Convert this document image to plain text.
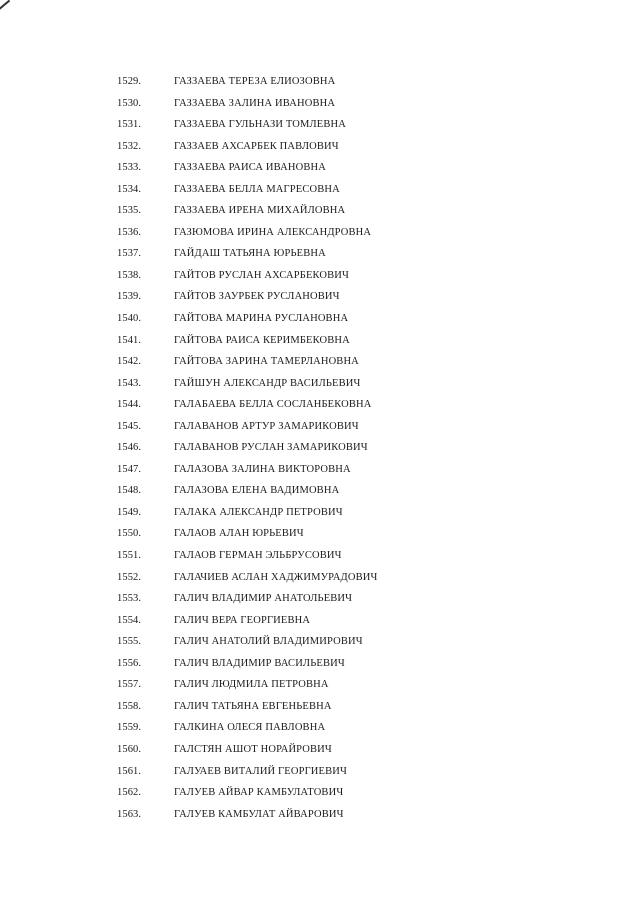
1529.	ГАЗЗАЕВА ТЕРЕЗА ЕЛИОЗОВНА
1530.	ГАЗЗАЕВА ЗАЛИНА ИВАНОВНА
1531.	ГАЗЗАЕВА ГУЛЬНАЗИ ТОМЛЕВНА
1532.	ГАЗЗАЕВ АХСАРБЕК ПАВЛОВИЧ
1533.	ГАЗЗАЕВА РАИСА ИВАНОВНА
1534.	ГАЗЗАЕВА БЕЛЛА МАГРЕСОВНА
1535.	ГАЗЗАЕВА ИРЕНА МИХАЙЛОВНА
1536.	ГАЗЮМОВА ИРИНА АЛЕКСАНДРОВНА
1537.	ГАЙДАШ ТАТЬЯНА ЮРЬЕВНА
1538.	ГАЙТОВ РУСЛАН АХСАРБЕКОВИЧ
1539.	ГАЙТОВ ЗАУРБЕК РУСЛАНОВИЧ
1540.	ГАЙТОВА МАРИНА РУСЛАНОВНА
1541.	ГАЙТОВА РАИСА КЕРИМБЕКОВНА
1542.	ГАЙТОВА ЗАРИНА ТАМЕРЛАНОВНА
1543.	ГАЙШУН АЛЕКСАНДР ВАСИЛЬЕВИЧ
1544.	ГАЛАБАЕВА БЕЛЛА СОСЛАНБЕКОВНА
1545.	ГАЛАВАНОВ АРТУР ЗАМАРИКОВИЧ
1546.	ГАЛАВАНОВ РУСЛАН ЗАМАРИКОВИЧ
1547.	ГАЛАЗОВА ЗАЛИНА ВИКТОРОВНА
1548.	ГАЛАЗОВА ЕЛЕНА ВАДИМОВНА
1549.	ГАЛАКА АЛЕКСАНДР ПЕТРОВИЧ
1550.	ГАЛАОВ АЛАН ЮРЬЕВИЧ
1551.	ГАЛАОВ ГЕРМАН ЭЛЬБРУСОВИЧ
1552.	ГАЛАЧИЕВ АСЛАН ХАДЖИМУРАДОВИЧ
1553.	ГАЛИЧ ВЛАДИМИР АНАТОЛЬЕВИЧ
1554.	ГАЛИЧ ВЕРА ГЕОРГИЕВНА
1555.	ГАЛИЧ АНАТОЛИЙ ВЛАДИМИРОВИЧ
1556.	ГАЛИЧ ВЛАДИМИР ВАСИЛЬЕВИЧ
1557.	ГАЛИЧ ЛЮДМИЛА ПЕТРОВНА
1558.	ГАЛИЧ ТАТЬЯНА ЕВГЕНЬЕВНА
1559.	ГАЛКИНА ОЛЕСЯ ПАВЛОВНА
1560.	ГАЛСТЯН АШОТ НОРАЙРОВИЧ
1561.	ГАЛУАЕВ ВИТАЛИЙ ГЕОРГИЕВИЧ
1562.	ГАЛУЕВ АЙВАР КАМБУЛАТОВИЧ
1563.	ГАЛУЕВ КАМБУЛАТ АЙВАРОВИЧ
